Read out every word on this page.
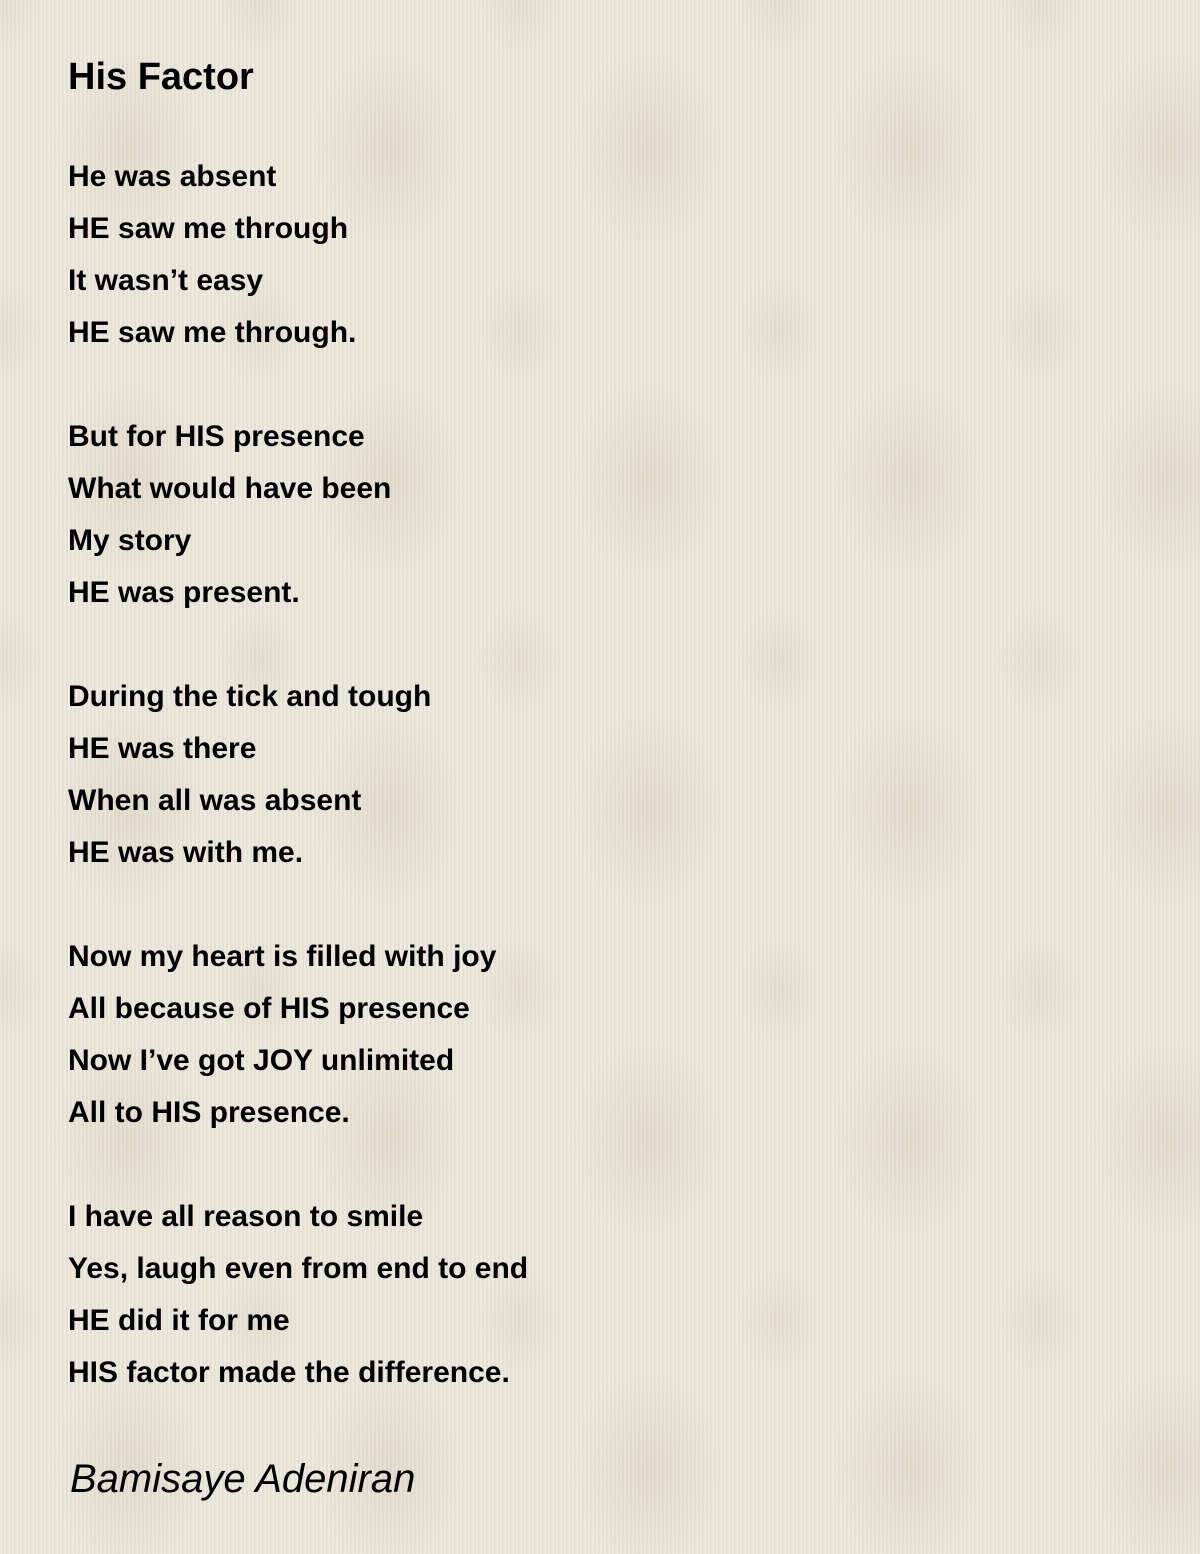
His Factor
He was absent
HE saw me through
It wasn’t easy
HE saw me through.
But for HIS presence
What would have been
My story
HE was present.
During the tick and tough
HE was there
When all was absent
HE was with me.
Now my heart is filled with joy
All because of HIS presence
Now I’ve got JOY unlimited
All to HIS presence.
I have all reason to smile
Yes, laugh even from end to end
HE did it for me
HIS factor made the difference.
Bamisaye Adeniran
